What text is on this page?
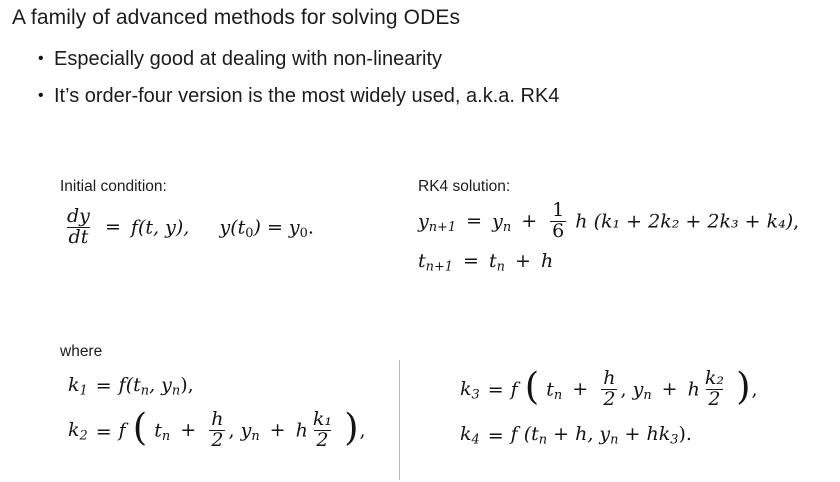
A family of advanced methods for solving ODEs
• Especially good at dealing with non-linearity
• It’s order-four version is the most widely used, a.k.a. RK4
Initial condition:	RK4 solution:
where
$\frac{dy}{dt} = f(t$, y), $y(t_0) = y_0$.	yn+1 = yn + $\frac{1}{6}$ h (k₁ + 2k₂ + 2k₃ + k₄),
tn+1 = tn + h
k1	=	f(tn, yn),
k2	=	f ( tn + $\frac{h}{2}$ , yn + h $\frac{\text{k₁}}{2}$ ),
k3	=	f ( tn + $\frac{h}{2}$ , yn + h $\frac{\text{k₂}}{2}$ ),
k4	=	f (tn + h, yn + hk3).
